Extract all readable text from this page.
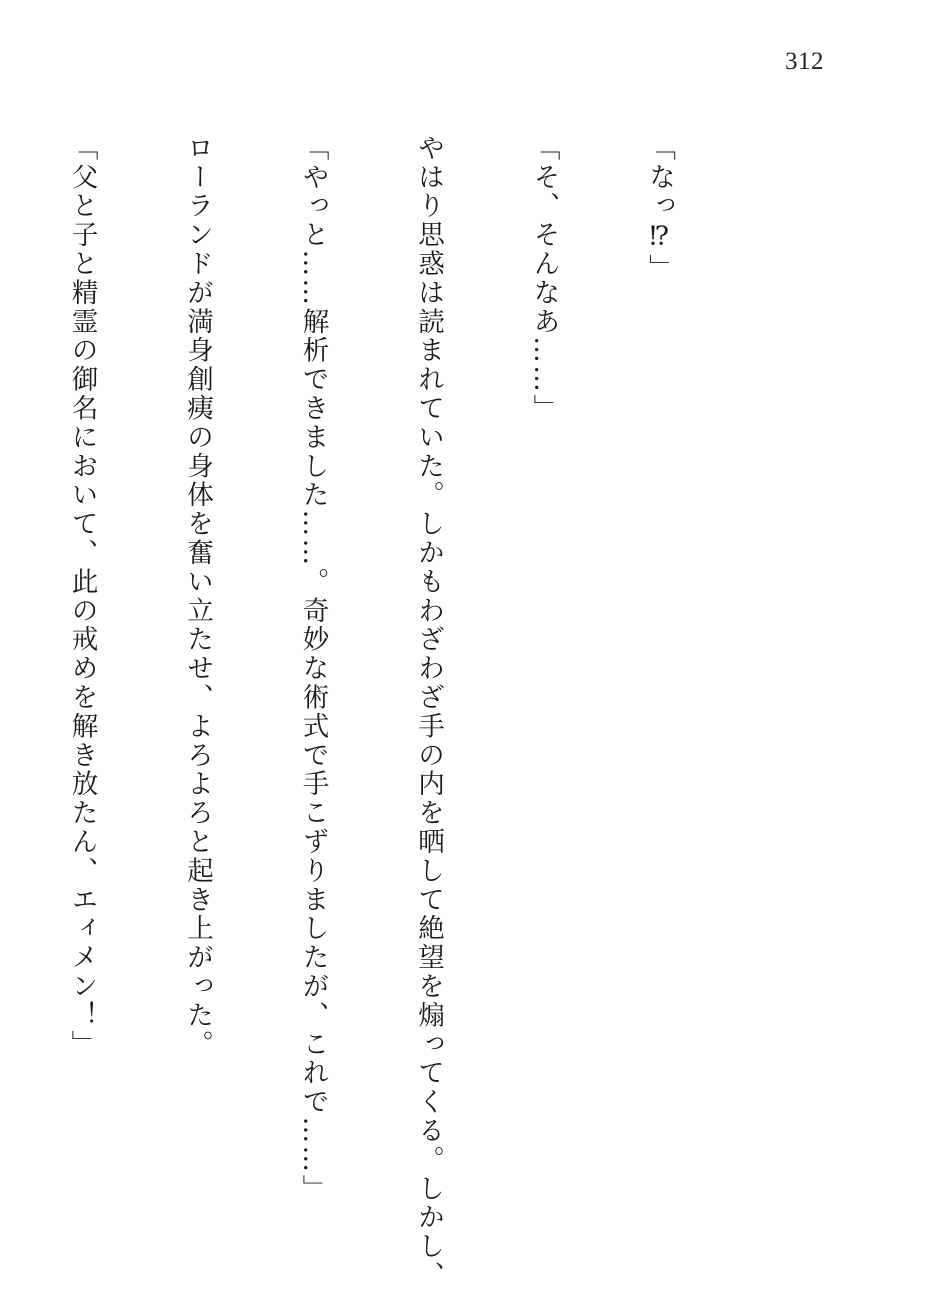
312

「なっ⁉」

「そ、そんなあ……」

やはり思惑は読まれていた。しかもわざわざ手の内を晒して絶望を煽ってくる。しかし、

「やっと……解析できました……。奇妙な術式で手こずりましたが、これで……」

ローランドが満身創痍の身体を奮い立たせ、よろよろと起き上がった。

「父と子と精霊の御名において、此の戒めを解き放たん、エィメン！」
